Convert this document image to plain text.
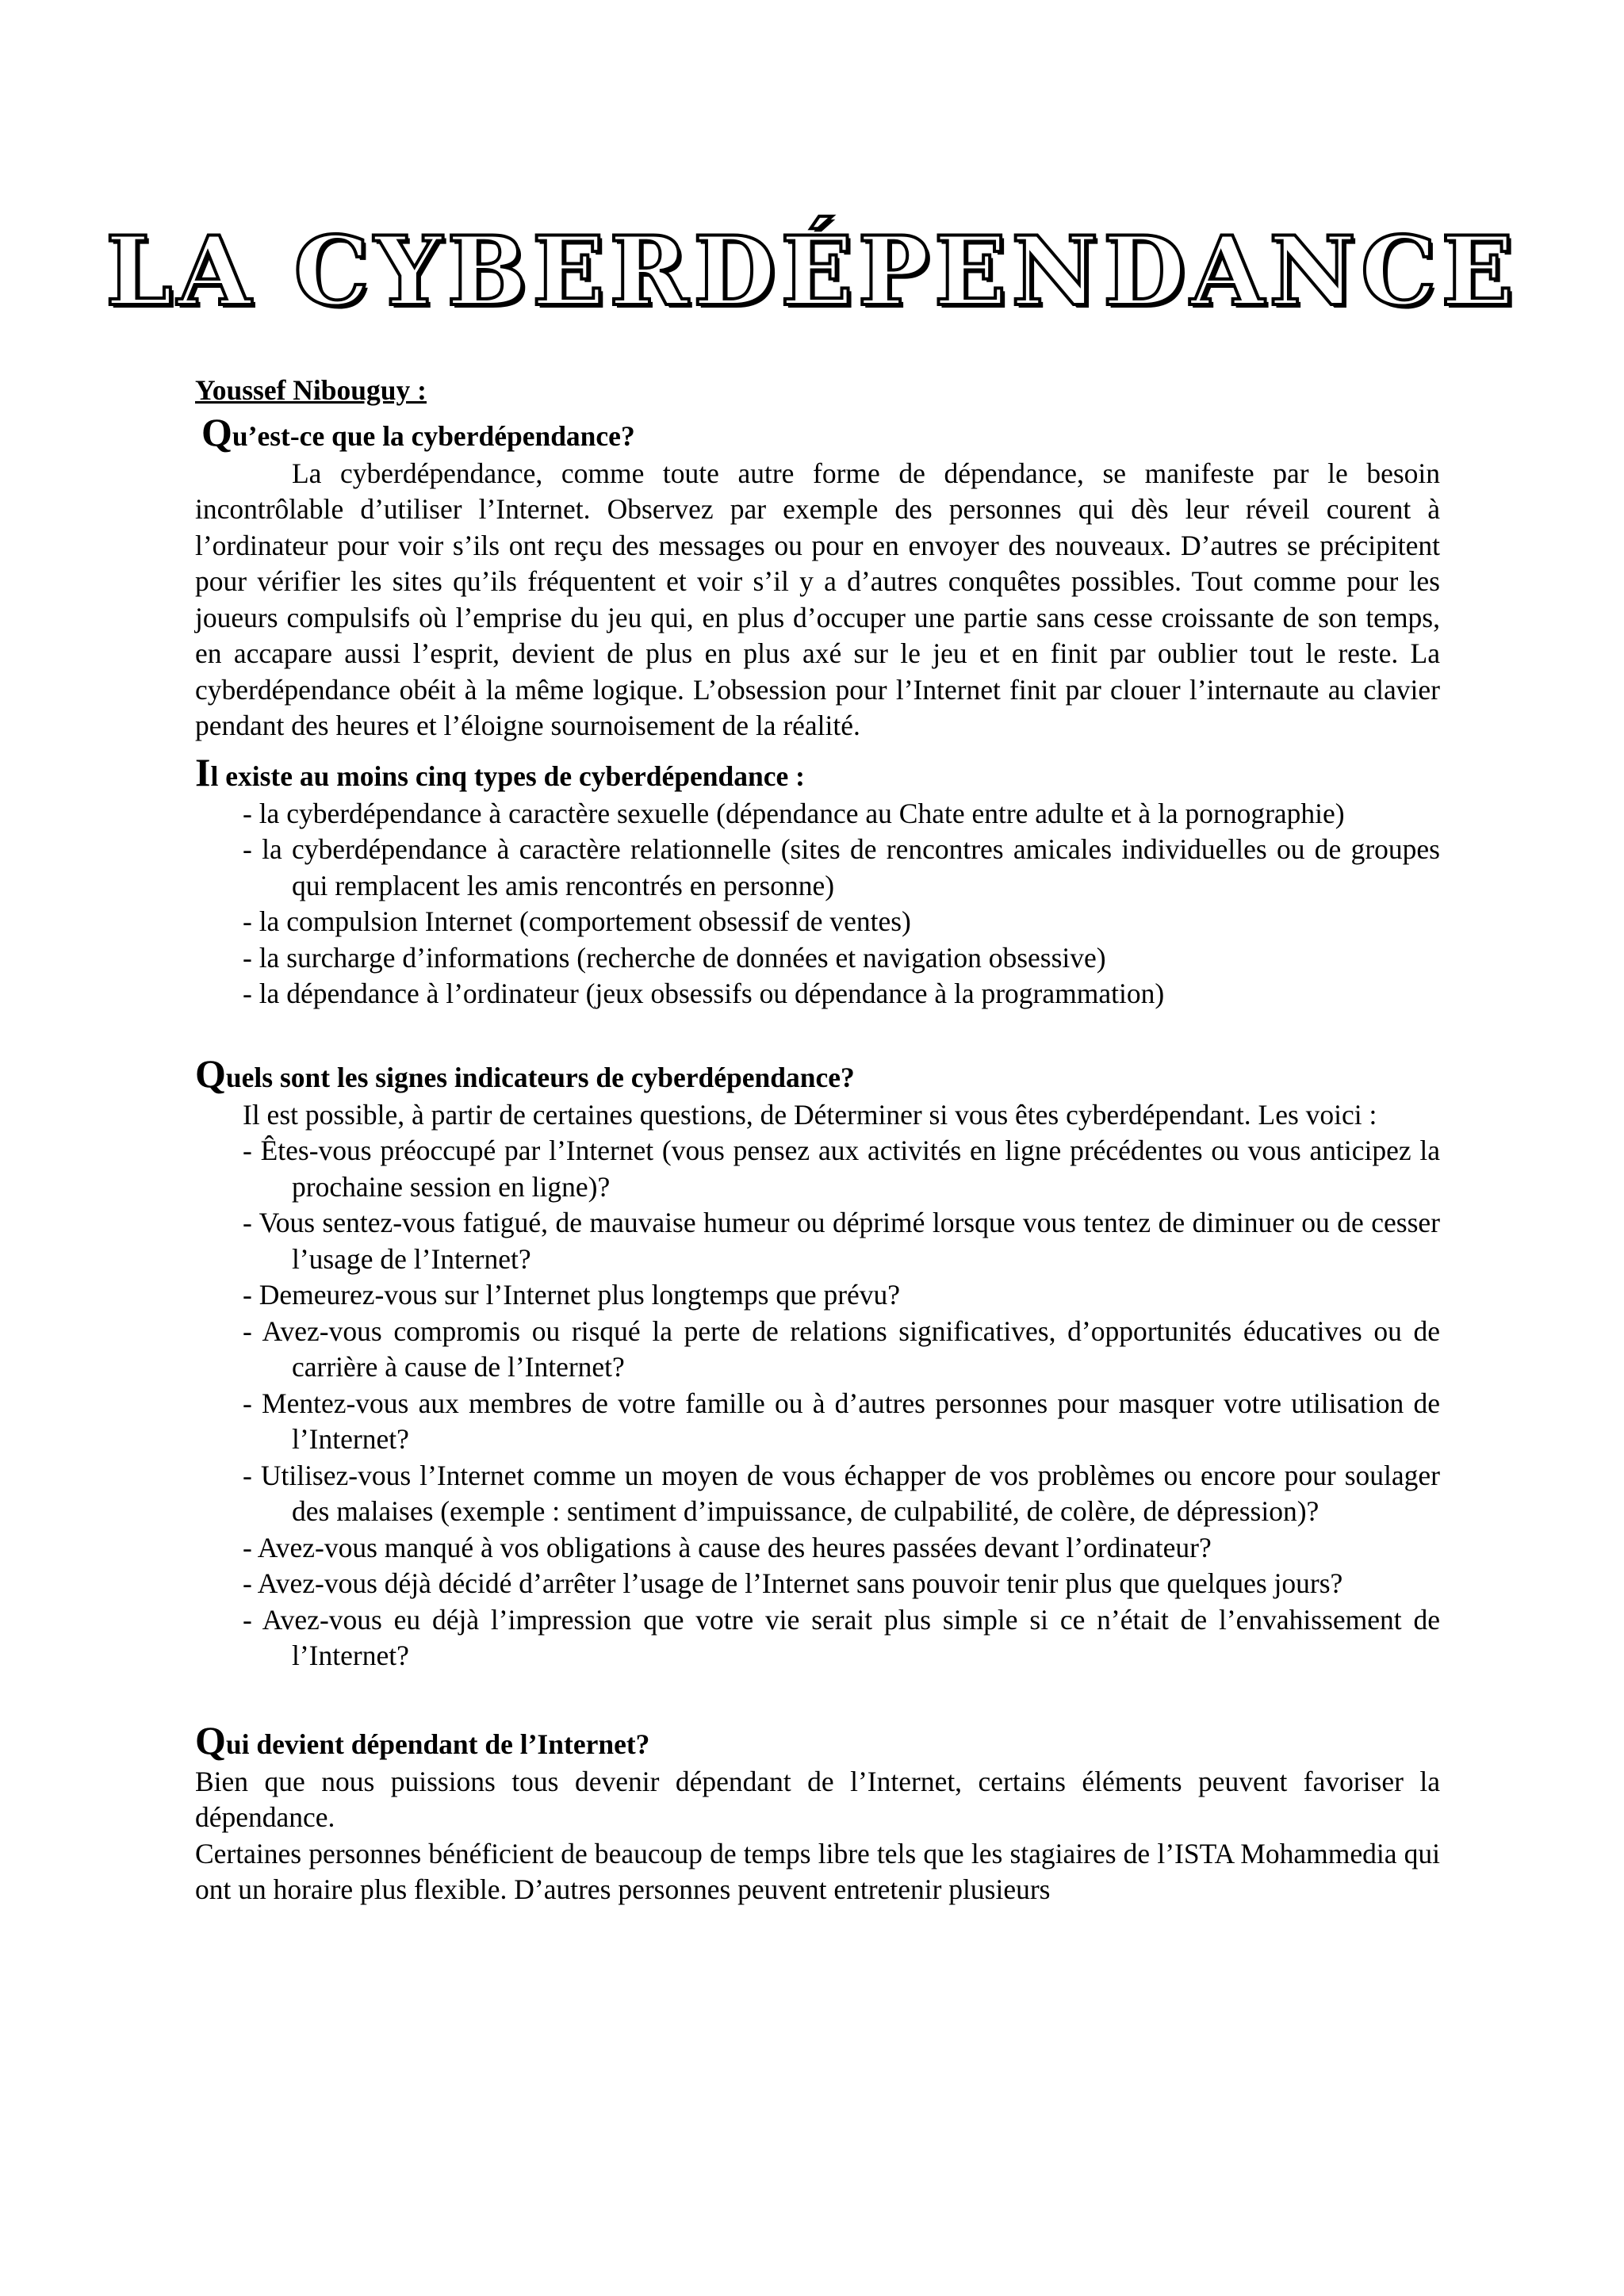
LA CYBERDÉPENDANCE
Youssef Nibouguy :
Qu’est-ce que la cyberdépendance?

La cyberdépendance, comme toute autre forme de dépendance, se manifeste par le besoin incontrôlable d’utiliser l’Internet. Observez par exemple des personnes qui dès leur réveil courent à l’ordinateur pour voir s’ils ont reçu des messages ou pour en envoyer des nouveaux. D’autres se précipitent pour vérifier les sites qu’ils fréquentent et voir s’il y a d’autres conquêtes possibles. Tout comme pour les joueurs compulsifs où l’emprise du jeu qui, en plus d’occuper une partie sans cesse croissante de son temps, en accapare aussi l’esprit, devient de plus en plus axé sur le jeu et en finit par oublier tout le reste. La cyberdépendance obéit à la même logique. L’obsession pour l’Internet finit par clouer l’internaute au clavier pendant des heures et l’éloigne sournoisement de la réalité.

Il existe au moins cinq types de cyberdépendance :
- la cyberdépendance à caractère sexuelle (dépendance au Chate entre adulte et à la pornographie)
- la cyberdépendance à caractère relationnelle (sites de rencontres amicales individuelles ou de groupes qui remplacent les amis rencontrés en personne)
- la compulsion Internet (comportement obsessif de ventes)
- la surcharge d’informations (recherche de données et navigation obsessive)
- la dépendance à l’ordinateur (jeux obsessifs ou dépendance à la programmation)
Quels sont les signes indicateurs de cyberdépendance?

Il est possible, à partir de certaines questions, de Déterminer si vous êtes cyberdépendant. Les voici :

- Êtes-vous préoccupé par l’Internet (vous pensez aux activités en ligne précédentes ou vous anticipez la prochaine session en ligne)?
- Vous sentez-vous fatigué, de mauvaise humeur ou déprimé lorsque vous tentez de diminuer ou de cesser l’usage de l’Internet?
- Demeurez-vous sur l’Internet plus longtemps que prévu?
- Avez-vous compromis ou risqué la perte de relations significatives, d’opportunités éducatives ou de carrière à cause de l’Internet?
- Mentez-vous aux membres de votre famille ou à d’autres personnes pour masquer votre utilisation de l’Internet?
- Utilisez-vous l’Internet comme un moyen de vous échapper de vos problèmes ou encore pour soulager des malaises (exemple : sentiment d’impuissance, de culpabilité, de colère, de dépression)?
- Avez-vous manqué à vos obligations à cause des heures passées devant l’ordinateur?
- Avez-vous déjà décidé d’arrêter l’usage de l’Internet sans pouvoir tenir plus que quelques jours?
- Avez-vous eu déjà l’impression que votre vie serait plus simple si ce n’était de l’envahissement de l’Internet?
Qui devient dépendant de l’Internet?

Bien que nous puissions tous devenir dépendant de l’Internet, certains éléments peuvent favoriser la dépendance.

Certaines personnes bénéficient de beaucoup de temps libre tels que les stagiaires de l’ISTA Mohammedia qui ont un horaire plus flexible. D’autres personnes peuvent entretenir plusieurs
